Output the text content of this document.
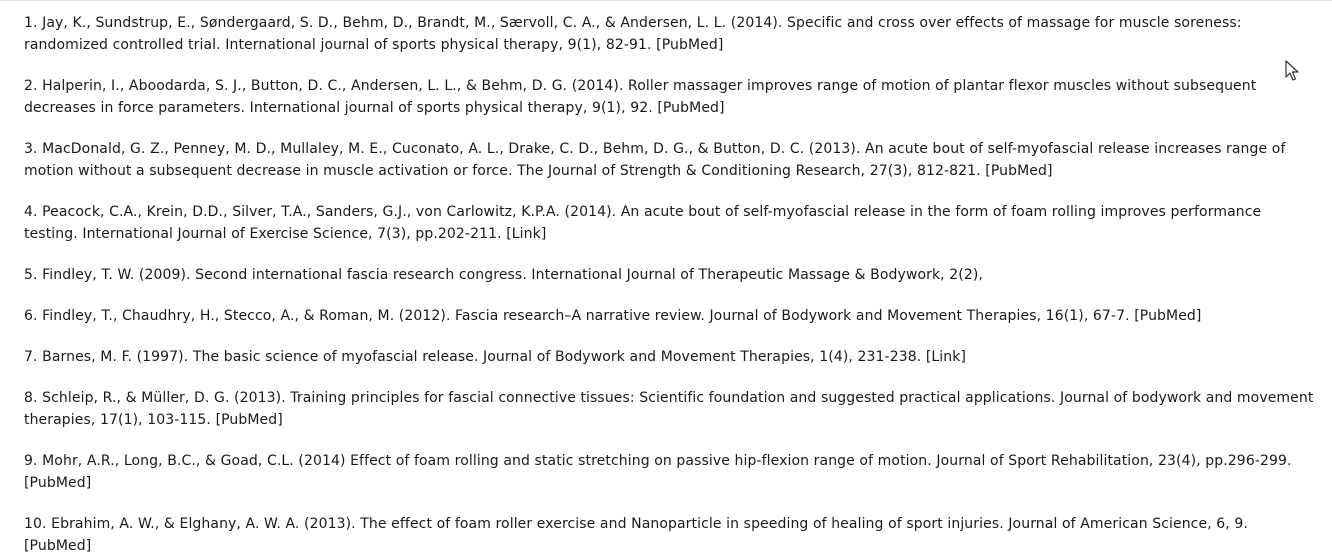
1. Jay, K., Sundstrup, E., Søndergaard, S. D., Behm, D., Brandt, M., Særvoll, C. A., & Andersen, L. L. (2014). Specific and cross over effects of massage for muscle soreness: randomized controlled trial. International journal of sports physical therapy, 9(1), 82-91. [PubMed]

2. Halperin, I., Aboodarda, S. J., Button, D. C., Andersen, L. L., & Behm, D. G. (2014). Roller massager improves range of motion of plantar flexor muscles without subsequent decreases in force parameters. International journal of sports physical therapy, 9(1), 92. [PubMed]

3. MacDonald, G. Z., Penney, M. D., Mullaley, M. E., Cuconato, A. L., Drake, C. D., Behm, D. G., & Button, D. C. (2013). An acute bout of self-myofascial release increases range of motion without a subsequent decrease in muscle activation or force. The Journal of Strength & Conditioning Research, 27(3), 812-821. [PubMed]

4. Peacock, C.A., Krein, D.D., Silver, T.A., Sanders, G.J., von Carlowitz, K.P.A. (2014). An acute bout of self-myofascial release in the form of foam rolling improves performance testing. International Journal of Exercise Science, 7(3), pp.202-211. [Link]

5. Findley, T. W. (2009). Second international fascia research congress. International Journal of Therapeutic Massage & Bodywork, 2(2),

6. Findley, T., Chaudhry, H., Stecco, A., & Roman, M. (2012). Fascia research–A narrative review. Journal of Bodywork and Movement Therapies, 16(1), 67-7. [PubMed]

7. Barnes, M. F. (1997). The basic science of myofascial release. Journal of Bodywork and Movement Therapies, 1(4), 231-238. [Link]

8. Schleip, R., & Müller, D. G. (2013). Training principles for fascial connective tissues: Scientific foundation and suggested practical applications. Journal of bodywork and movement therapies, 17(1), 103-115. [PubMed]

9. Mohr, A.R., Long, B.C., & Goad, C.L. (2014) Effect of foam rolling and static stretching on passive hip-flexion range of motion. Journal of Sport Rehabilitation, 23(4), pp.296-299. [PubMed]

10. Ebrahim, A. W., & Elghany, A. W. A. (2013). The effect of foam roller exercise and Nanoparticle in speeding of healing of sport injuries. Journal of American Science, 6, 9. [PubMed]
